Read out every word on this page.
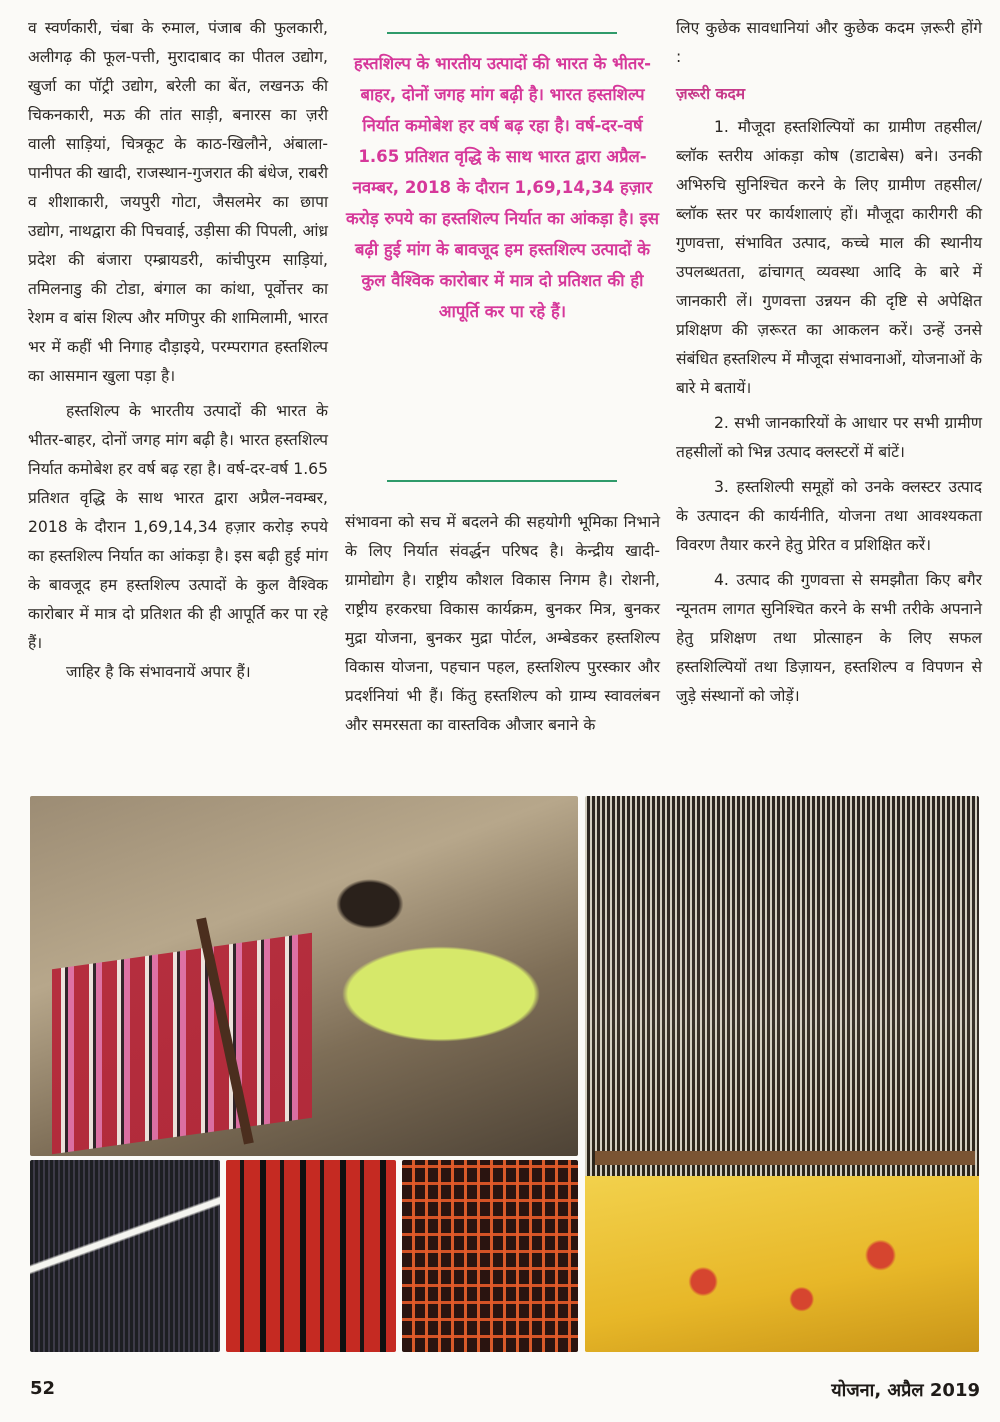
व स्वर्णकारी, चंबा के रुमाल, पंजाब की फुलकारी, अलीगढ़ की फूल-पत्ती, मुरादाबाद का पीतल उद्योग, खुर्जा का पॉट्री उद्योग, बरेली का बेंत, लखनऊ की चिकनकारी, मऊ की तांत साड़ी, बनारस का ज़री वाली साड़ियां, चित्रकूट के काठ-खिलौने, अंबाला-पानीपत की खादी, राजस्थान-गुजरात की बंधेज, राबरी व शीशाकारी, जयपुरी गोटा, जैसलमेर का छापा उद्योग, नाथद्वारा की पिचवाई, उड़ीसा की पिपली, आंध्र प्रदेश की बंजारा एम्ब्रायडरी, कांचीपुरम साड़ियां, तमिलनाडु की टोडा, बंगाल का कांथा, पूर्वोत्तर का रेशम व बांस शिल्प और मणिपुर की शामिलामी, भारत भर में कहीं भी निगाह दौड़ाइये, परम्परागत हस्तशिल्प का आसमान खुला पड़ा है।

हस्तशिल्प के भारतीय उत्पादों की भारत के भीतर-बाहर, दोनों जगह मांग बढ़ी है। भारत हस्तशिल्प निर्यात कमोबेश हर वर्ष बढ़ रहा है। वर्ष-दर-वर्ष 1.65 प्रतिशत वृद्धि के साथ भारत द्वारा अप्रैल-नवम्बर, 2018 के दौरान 1,69,14,34 हज़ार करोड़ रुपये का हस्तशिल्प निर्यात का आंकड़ा है। इस बढ़ी हुई मांग के बावजूद हम हस्तशिल्प उत्पादों के कुल वैश्विक कारोबार में मात्र दो प्रतिशत की ही आपूर्ति कर पा रहे हैं।

जाहिर है कि संभावनायें अपार हैं।

हस्तशिल्प के भारतीय उत्पादों की भारत के भीतर-बाहर, दोनों जगह मांग बढ़ी है। भारत हस्तशिल्प निर्यात कमोबेश हर वर्ष बढ़ रहा है। वर्ष-दर-वर्ष 1.65 प्रतिशत वृद्धि के साथ भारत द्वारा अप्रैल-नवम्बर, 2018 के दौरान 1,69,14,34 हज़ार करोड़ रुपये का हस्तशिल्प निर्यात का आंकड़ा है। इस बढ़ी हुई मांग के बावजूद हम हस्तशिल्प उत्पादों के कुल वैश्विक कारोबार में मात्र दो प्रतिशत की ही आपूर्ति कर पा रहे हैं।

संभावना को सच में बदलने की सहयोगी भूमिका निभाने के लिए निर्यात संवर्द्धन परिषद है। केन्द्रीय खादी-ग्रामोद्योग है। राष्ट्रीय कौशल विकास निगम है। रोशनी, राष्ट्रीय हरकरघा विकास कार्यक्रम, बुनकर मित्र, बुनकर मुद्रा योजना, बुनकर मुद्रा पोर्टल, अम्बेडकर हस्तशिल्प विकास योजना, पहचान पहल, हस्तशिल्प पुरस्कार और प्रदर्शनियां भी हैं। किंतु हस्तशिल्प को ग्राम्य स्वावलंबन और समरसता का वास्तविक औजार बनाने के

लिए कुछेक सावधानियां और कुछेक कदम ज़रूरी होंगे :

ज़रूरी कदम

1. मौजूदा हस्तशिल्पियों का ग्रामीण तहसील/ब्लॉक स्तरीय आंकड़ा कोष (डाटाबेस) बने। उनकी अभिरुचि सुनिश्चित करने के लिए ग्रामीण तहसील/ब्लॉक स्तर पर कार्यशालाएं हों। मौजूदा कारीगरी की गुणवत्ता, संभावित उत्पाद, कच्चे माल की स्थानीय उपलब्धतता, ढांचागत् व्यवस्था आदि के बारे में जानकारी लें। गुणवत्ता उन्नयन की दृष्टि से अपेक्षित प्रशिक्षण की ज़रूरत का आकलन करें। उन्हें उनसे संबंधित हस्तशिल्प में मौजूदा संभावनाओं, योजनाओं के बारे मे बतायें।

2. सभी जानकारियों के आधार पर सभी ग्रामीण तहसीलों को भिन्न उत्पाद क्लस्टरों में बांटें।

3. हस्तशिल्पी समूहों को उनके क्लस्टर उत्पाद के उत्पादन की कार्यनीति, योजना तथा आवश्यकता विवरण तैयार करने हेतु प्रेरित व प्रशिक्षित करें।

4. उत्पाद की गुणवत्ता से समझौता किए बगैर न्यूनतम लागत सुनिश्चित करने के सभी तरीके अपनाने हेतु प्रशिक्षण तथा प्रोत्साहन के लिए सफल हस्तशिल्पियों तथा डिज़ायन, हस्तशिल्प व विपणन से जुड़े संस्थानों को जोड़ें।

52	योजना, अप्रैल 2019
